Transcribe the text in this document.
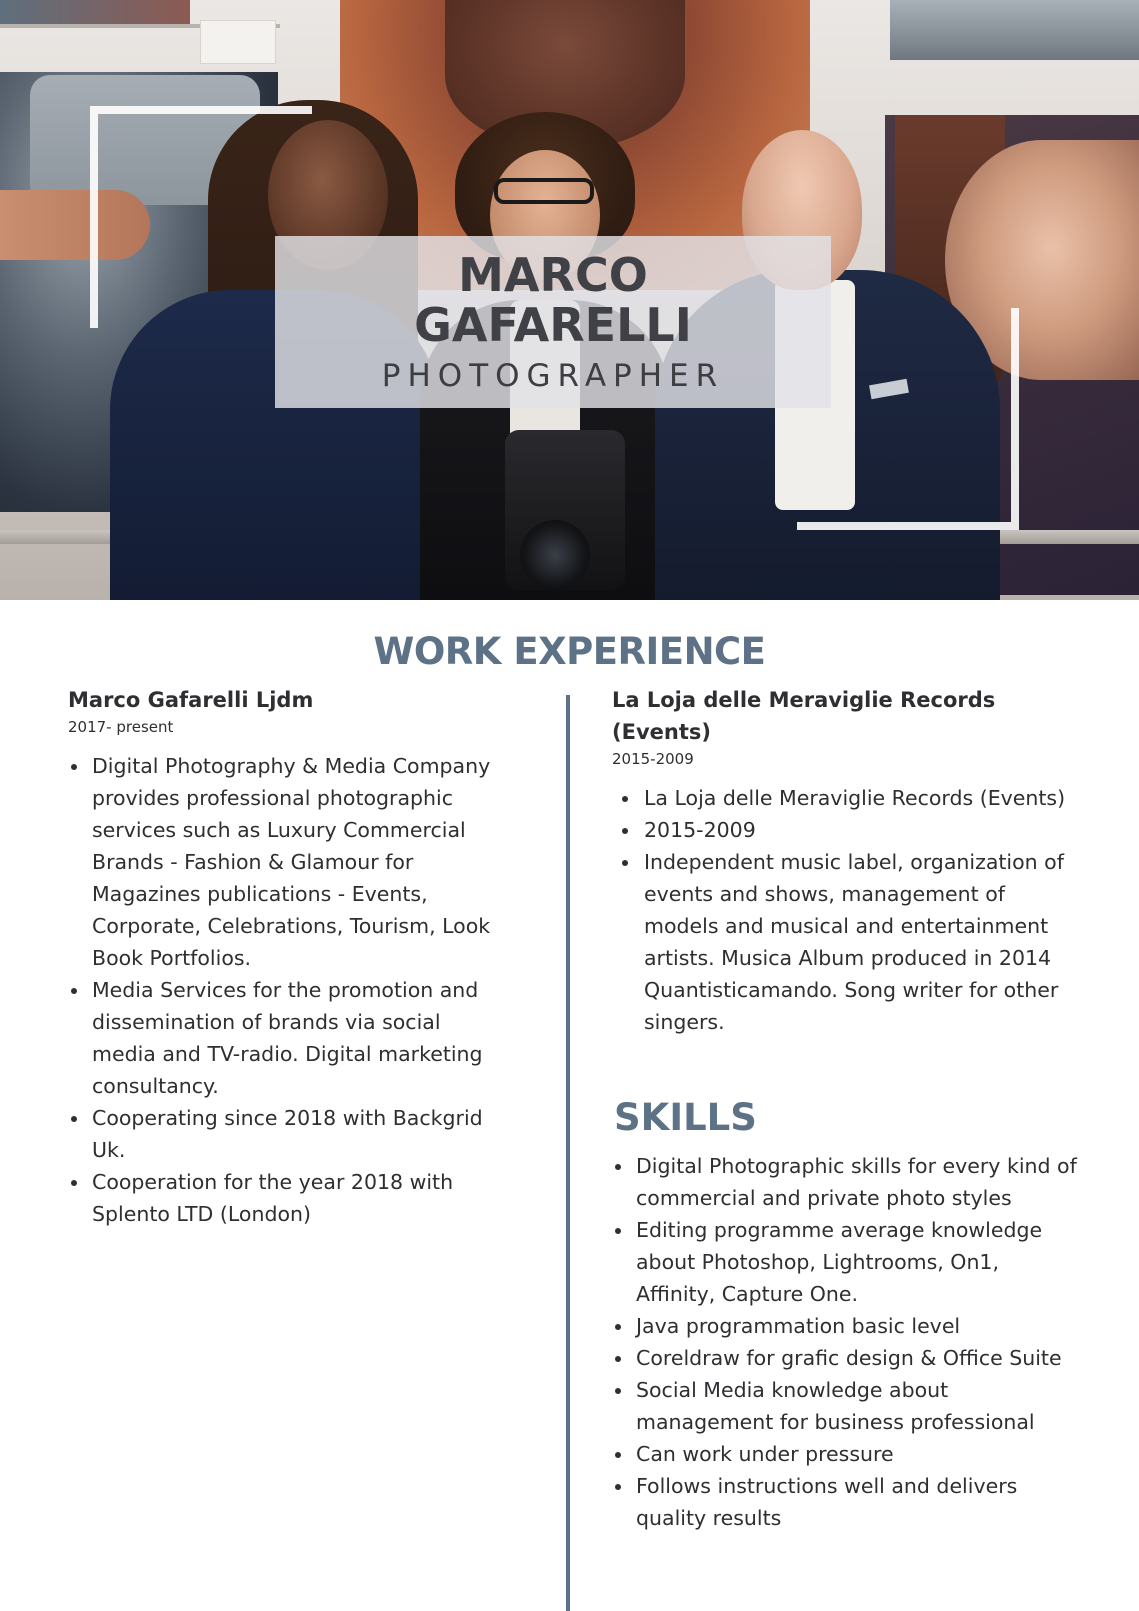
MARCO
GAFARELLI
PHOTOGRAPHER
WORK EXPERIENCE
Marco Gafarelli Ljdm
2017- present
Digital Photography & Media Company provides professional photographic services such as Luxury Commercial Brands - Fashion & Glamour for Magazines publications - Events, Corporate, Celebrations, Tourism, Look Book Portfolios.
Media Services for the promotion and dissemination of brands via social media and TV-radio. Digital marketing consultancy.
Cooperating since 2018 with Backgrid Uk.
Cooperation for the year 2018 with Splento LTD (London)
La Loja delle Meraviglie Records (Events)
2015-2009
La Loja delle Meraviglie Records (Events)
2015-2009
Independent music label, organization of events and shows, management of models and musical and entertainment artists. Musica Album produced in 2014 Quantisticamando. Song writer for other singers.
SKILLS
Digital Photographic skills for every kind of commercial and private photo styles
Editing programme average knowledge about Photoshop, Lightrooms, On1, Affinity, Capture One.
Java programmation basic level
Coreldraw for grafic design & Office Suite
Social Media knowledge about management for business professional
Can work under pressure
Follows instructions well and delivers quality results
